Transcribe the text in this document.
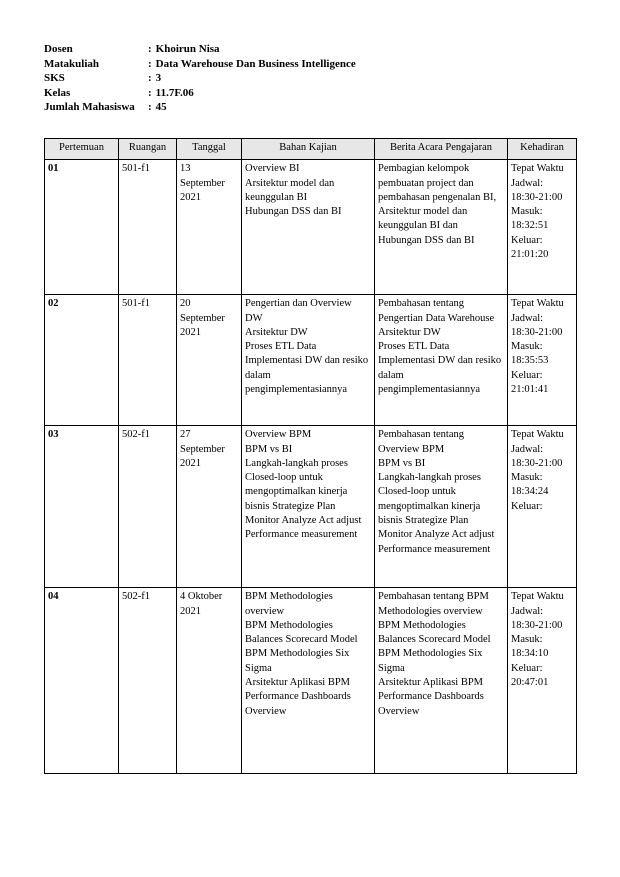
Dosen	: Khoirun Nisa
Matakuliah	: Data Warehouse Dan Business Intelligence
SKS	: 3
Kelas	: 11.7F.06
Jumlah Mahasiswa	: 45
Pertemuan	Ruangan	Tanggal	Bahan Kajian	Berita Acara Pengajaran	Kehadiran
01	501-f1	13 September 2021	Overview BI
Arsitektur model dan keunggulan BI
Hubungan DSS dan BI	Pembagian kelompok pembuatan project dan pembahasan pengenalan BI, Arsitektur model dan keunggulan BI dan Hubungan DSS dan BI	Tepat Waktu
Jadwal: 18:30-21:00
Masuk: 18:32:51
Keluar: 21:01:20

02	501-f1	20 September 2021	Pengertian dan Overview DW
Arsitektur DW
Proses ETL Data
Implementasi DW dan resiko dalam pengimplementasiannya	Pembahasan tentang Pengertian Data Warehouse Arsitektur DW
Proses ETL Data
Implementasi DW dan resiko dalam pengimplementasiannya	Tepat Waktu
Jadwal: 18:30-21:00
Masuk: 18:35:53
Keluar: 21:01:41

03	502-f1	27 September 2021	Overview BPM
BPM vs BI
Langkah-langkah proses Closed-loop untuk mengoptimalkan kinerja bisnis Strategize Plan Monitor Analyze Act adjust
Performance measurement	Pembahasan tentang
Overview BPM
BPM vs BI
Langkah-langkah proses Closed-loop untuk mengoptimalkan kinerja bisnis Strategize Plan Monitor Analyze Act adjust
Performance measurement	Tepat Waktu
Jadwal: 18:30-21:00
Masuk: 18:34:24
Keluar:

04	502-f1	4 Oktober 2021	BPM Methodologies overview
BPM Methodologies Balances Scorecard Model
BPM Methodologies Six Sigma
Arsitektur Aplikasi BPM
Performance Dashboards Overview	Pembahasan tentang BPM Methodologies overview
BPM Methodologies Balances Scorecard Model
BPM Methodologies Six Sigma
Arsitektur Aplikasi BPM
Performance Dashboards Overview	Tepat Waktu
Jadwal: 18:30-21:00
Masuk: 18:34:10
Keluar: 20:47:01
